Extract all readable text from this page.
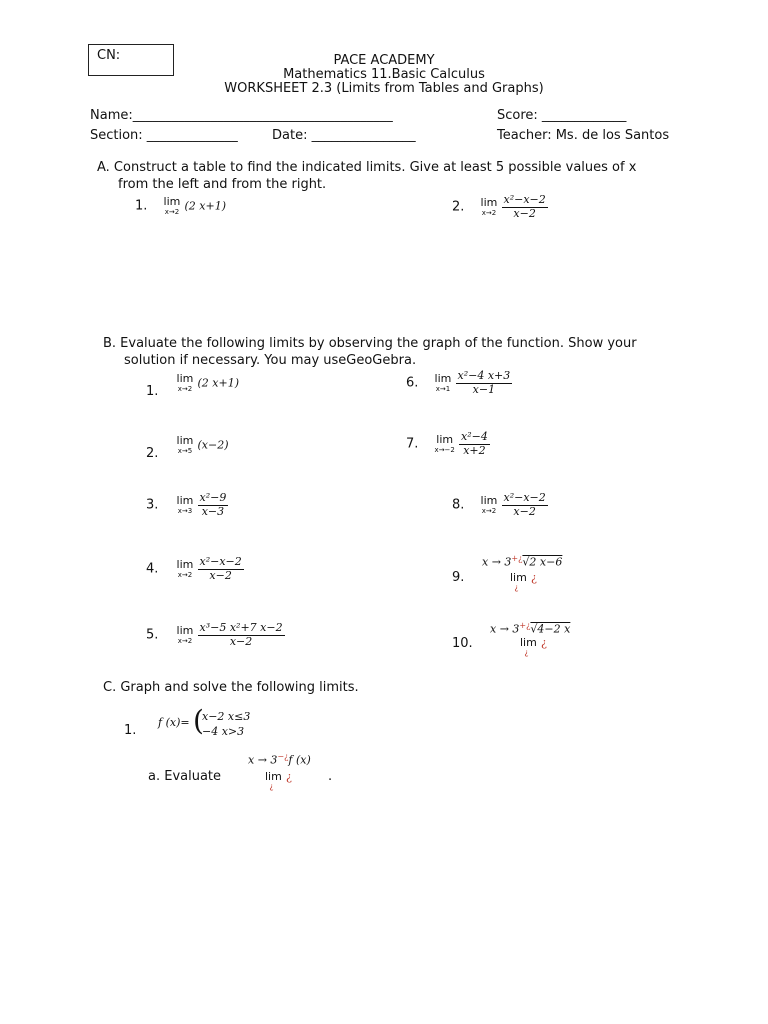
CN:	PACE ACADEMY
Mathematics 11.Basic Calculus
WORKSHEET 2.3 (Limits from Tables and Graphs)
Name:________________________________________	Score: _____________
Section: ______________	Date: ________________	Teacher: Ms. de los Santos
A. Construct a table to find the indicated limits. Give at least 5 possible values of x
from the left and from the right.
1. lim
x→2 (2 x+1)	2. lim
x→2
$\frac{\text{x²−x−2}}{x-2}$
B. Evaluate the following limits by observing the graph of the function. Show your
solution if necessary. You may useGeoGebra.
1.
lim
x→2 (2 x+1)
2.
lim
x→5 (x−2)
3. lim
x→3
$\frac{\text{x²−9}}{x-3}$
4. lim
x→2
$\frac{\text{x²−x−2}}{x-2}$
5. lim
x→2
$\frac{\text{x³−5 x²+7 x−2}}{x-2}$
6. lim
x→1
$\frac{\text{x²−4 x+3}}{x-1}$
7. lim
x→−2
$\frac{\text{x²−4}}{x+2}$
8. lim
x→2
$\frac{\text{x²−x−2}}{x-2}$
9.
x → 3+¿√2 x−6
lim ¿
¿
10.
x → 3+¿√4−2 x
lim ¿
¿
C. Graph and solve the following limits.
1.
f (x)= (
x−2 x≤3
−4 x>3
a. Evaluate
x → 3−¿f (x)
lim ¿
¿
.
